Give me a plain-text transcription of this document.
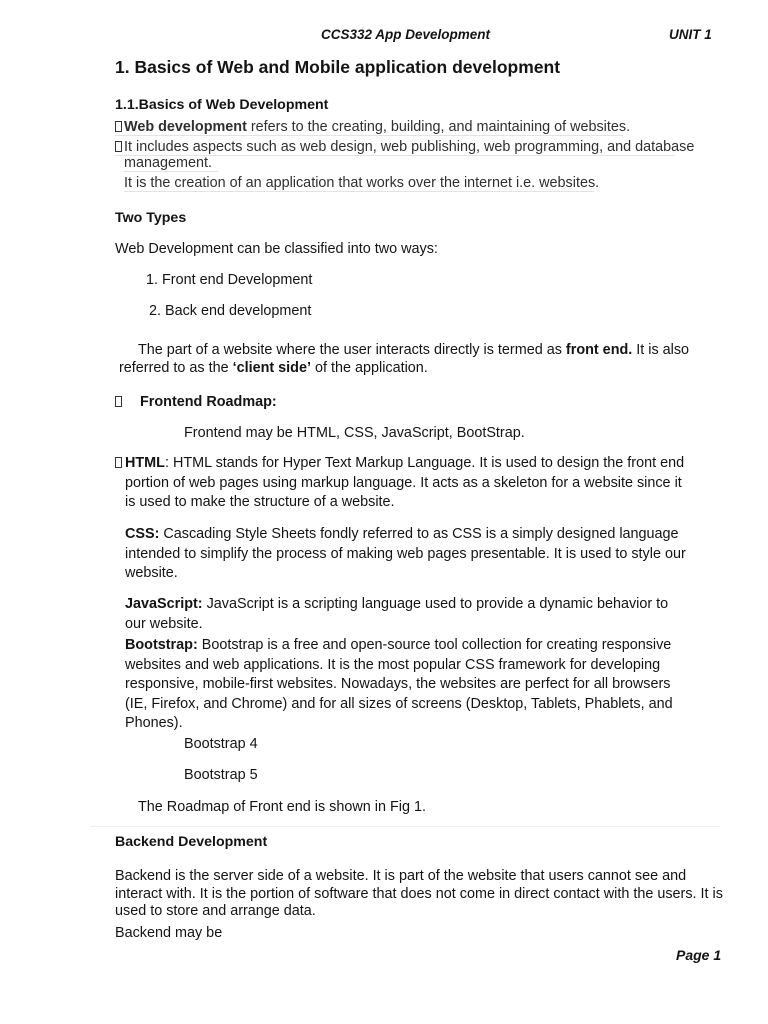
CCS332 App Development	UNIT 1
1. Basics of Web and Mobile application development
1.1.Basics of Web Development
Web development refers to the creating, building, and maintaining of websites.
It includes aspects such as web design, web publishing, web programming, and database
management.
It is the creation of an application that works over the internet i.e. websites.
Two Types
Web Development can be classified into two ways:
1. Front end Development
2. Back end development
The part of a website where the user interacts directly is termed as front end. It is also
referred to as the ‘client side’ of the application.
Frontend Roadmap:
Frontend may be HTML, CSS, JavaScript, BootStrap.
HTML: HTML stands for Hyper Text Markup Language. It is used to design the front end portion of web pages using markup language. It acts as a skeleton for a website since it is used to make the structure of a website.
CSS: Cascading Style Sheets fondly referred to as CSS is a simply designed language intended to simplify the process of making web pages presentable. It is used to style our website.
JavaScript: JavaScript is a scripting language used to provide a dynamic behavior to our website.
Bootstrap: Bootstrap is a free and open-source tool collection for creating responsive websites and web applications. It is the most popular CSS framework for developing responsive, mobile-first websites. Nowadays, the websites are perfect for all browsers (IE, Firefox, and Chrome) and for all sizes of screens (Desktop, Tablets, Phablets, and Phones).
Bootstrap 4
Bootstrap 5
The Roadmap of Front end is shown in Fig 1.
Backend Development
Backend is the server side of a website. It is part of the website that users cannot see and interact with. It is the portion of software that does not come in direct contact with the users. It is used to store and arrange data.
Backend may be
Page 1
